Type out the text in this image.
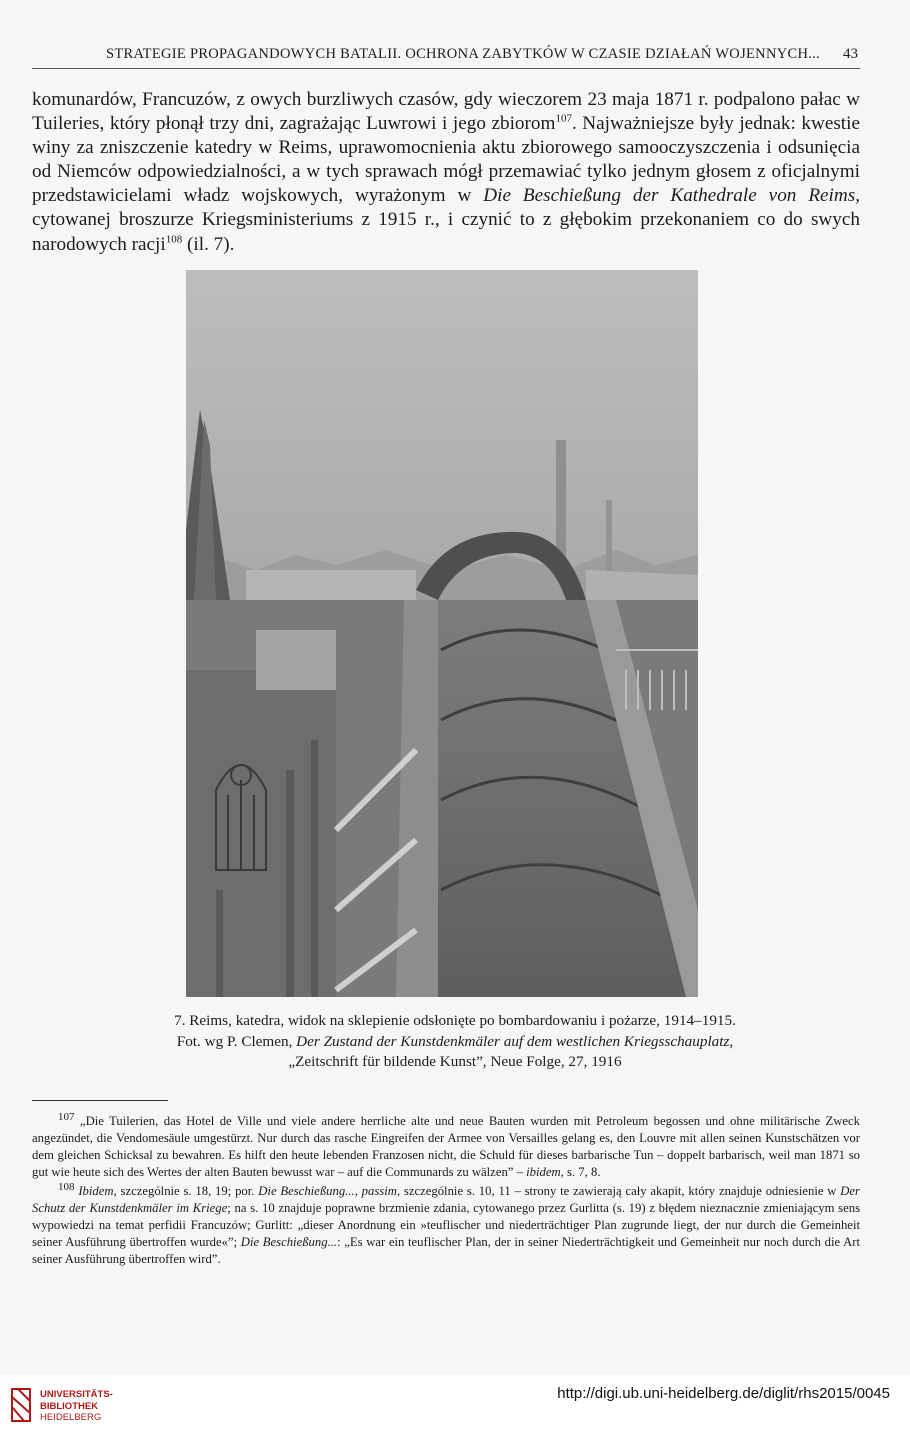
STRATEGIE PROPAGANDOWYCH BATALII. OCHRONA ZABYTKÓW W CZASIE DZIAŁAŃ WOJENNYCH... 43

komunardów, Francuzów, z owych burzliwych czasów, gdy wieczorem 23 maja 1871 r. podpalono pałac w Tuileries, który płonął trzy dni, zagrażając Luwrowi i jego zbiorom$^{107}$. Najważniejsze były jednak: kwestie winy za zniszczenie katedry w Reims, uprawomocnienia aktu zbiorowego samooczyszczenia i odsunięcia od Niemców odpowiedzialności, a w tych sprawach mógł przemawiać tylko jednym głosem z oficjalnymi przedstawicielami władz wojskowych, wyrażonym w Die Beschießung der Kathedrale von Reims, cytowanej broszurze Kriegsministeriums z 1915 r., i czynić to z głębokim przekonaniem co do swych narodowych racji$^{108}$ (il. 7).

7. Reims, katedra, widok na sklepienie odsłonięte po bombardowaniu i pożarze, 1914–1915.
Fot. wg P. Clemen, Der Zustand der Kunstdenkmäler auf dem westlichen Kriegsschauplatz,
„Zeitschrift für bildende Kunst”, Neue Folge, 27, 1916

$^{107}$ „Die Tuilerien, das Hotel de Ville und viele andere herrliche alte und neue Bauten wurden mit Petroleum begossen und ohne militärische Zweck angezündet, die Vendomesäule umgestürzt. Nur durch das rasche Eingreifen der Armee von Versailles gelang es, den Louvre mit allen seinen Kunstschätzen vor dem gleichen Schicksal zu bewahren. Es hilft den heute lebenden Franzosen nicht, die Schuld für dieses barbarische Tun – doppelt barbarisch, weil man 1871 so gut wie heute sich des Wertes der alten Bauten bewusst war – auf die Communards zu wälzen” – ibidem, s. 7, 8.

$^{108}$ Ibidem, szczególnie s. 18, 19; por. Die Beschießung..., passim, szczególnie s. 10, 11 – strony te zawierają cały akapit, który znajduje odniesienie w Der Schutz der Kunstdenkmäler im Kriege; na s. 10 znajduje poprawne brzmienie zdania, cytowanego przez Gurlitta (s. 19) z błędem nieznacznie zmieniającym sens wypowiedzi na temat perfidii Francuzów; Gurlitt: „dieser Anordnung ein »teuflischer und niederträchtiger Plan zugrunde liegt, der nur durch die Gemeinheit seiner Ausführung übertroffen wurde«”; Die Beschießung...: „Es war ein teuflischer Plan, der in seiner Niederträchtigkeit und Gemeinheit nur noch durch die Art seiner Ausführung übertroffen wird”.

UNIVERSITÄTS-
BIBLIOTHEK
HEIDELBERG
http://digi.ub.uni-heidelberg.de/diglit/rhs2015/0045
